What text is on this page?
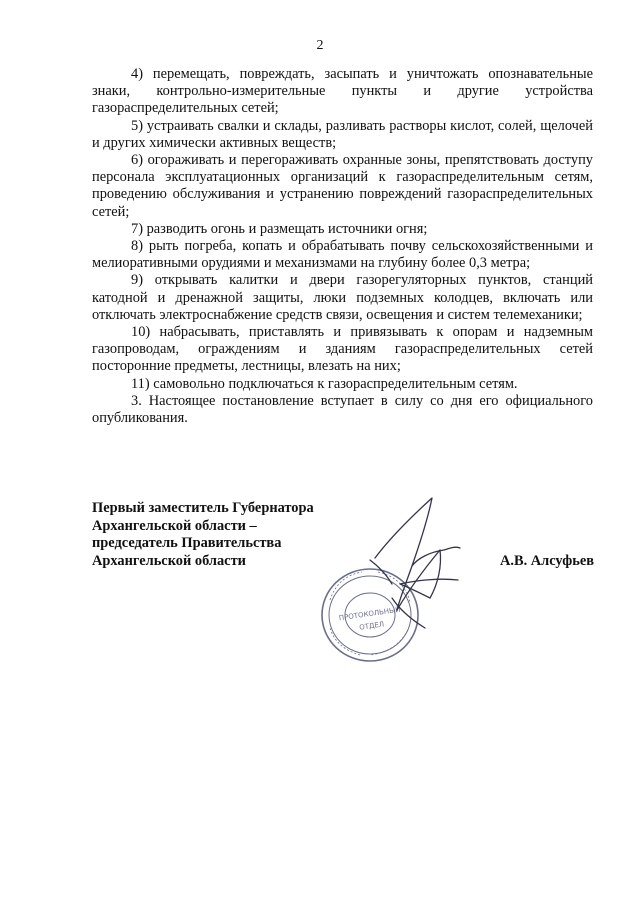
2

4) перемещать, повреждать, засыпать и уничтожать опознавательные знаки, контрольно-измерительные пункты и другие устройства газораспределительных сетей;

5) устраивать свалки и склады, разливать растворы кислот, солей, щелочей и других химически активных веществ;

6) огораживать и перегораживать охранные зоны, препятствовать доступу персонала эксплуатационных организаций к газораспределительным сетям, проведению обслуживания и устранению повреждений газораспределительных сетей;

7) разводить огонь и размещать источники огня;

8) рыть погреба, копать и обрабатывать почву сельскохозяйственными и мелиоративными орудиями и механизмами на глубину более 0,3 метра;

9) открывать калитки и двери газорегуляторных пунктов, станций катодной и дренажной защиты, люки подземных колодцев, включать или отключать электроснабжение средств связи, освещения и систем телемеханики;

10) набрасывать, приставлять и привязывать к опорам и надземным газопроводам, ограждениям и зданиям газораспределительных сетей посторонние предметы, лестницы, влезать на них;

11) самовольно подключаться к газораспределительным сетям.

3. Настоящее постановление вступает в силу со дня его официального опубликования.

Первый заместитель Губернатора
Архангельской области –
председатель Правительства
Архангельской области	А.В. Алсуфьев
ПРОТОКОЛЬНЫЙ
ОТДЕЛ
